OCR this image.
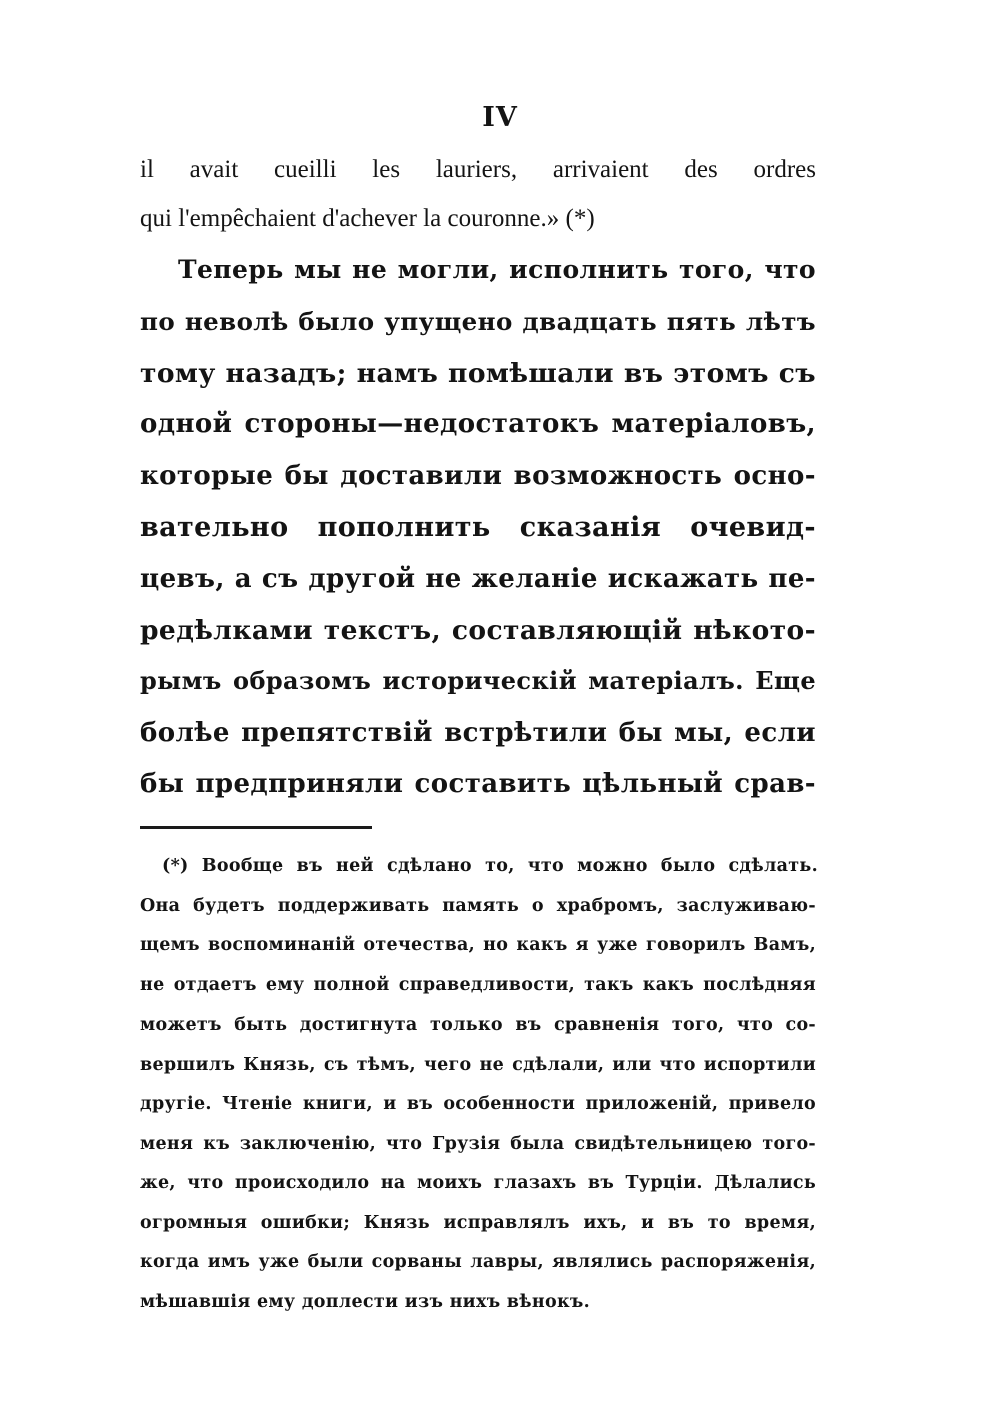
IV
il avait cueilli les lauriers, arrivaient des ordres
qui l'empêchaient d'achever la couronne.» (*)
Теперь мы не могли, исполнить того, что
по неволѣ было упущено двадцать пять лѣтъ
тому назадъ; намъ помѣшали въ этомъ съ
одной стороны—недостатокъ матеріаловъ,
которые бы доставили возможность осно-
вательно пополнить сказанія очевид-
цевъ, а съ другой не желаніе искажать пе-
редѣлками текстъ, составляющій нѣкото-
рымъ образомъ историческій матеріалъ. Еще
болѣе препятствій встрѣтили бы мы, если
бы предприняли составить цѣльный срав-
(*) Вообще въ ней сдѣлано то, что можно было сдѣлать.
Она будетъ поддерживать память о храбромъ, заслуживаю-
щемъ воспоминаній отечества, но какъ я уже говорилъ Вамъ,
не отдаетъ ему полной справедливости, такъ какъ послѣдняя
можетъ быть достигнута только въ сравненія того, что со-
вершилъ Князь, съ тѣмъ, чего не сдѣлали, или что испортили
другіе. Чтеніе книги, и въ особенности приложеній, привело
меня къ заключенію, что Грузія была свидѣтельницею того-
же, что происходило на моихъ глазахъ въ Турціи. Дѣлались
огромныя ошибки; Князь исправлялъ ихъ, и въ то время,
когда имъ уже были сорваны лавры, являлись распоряженія,
мѣшавшія ему доплести изъ нихъ вѣнокъ.
